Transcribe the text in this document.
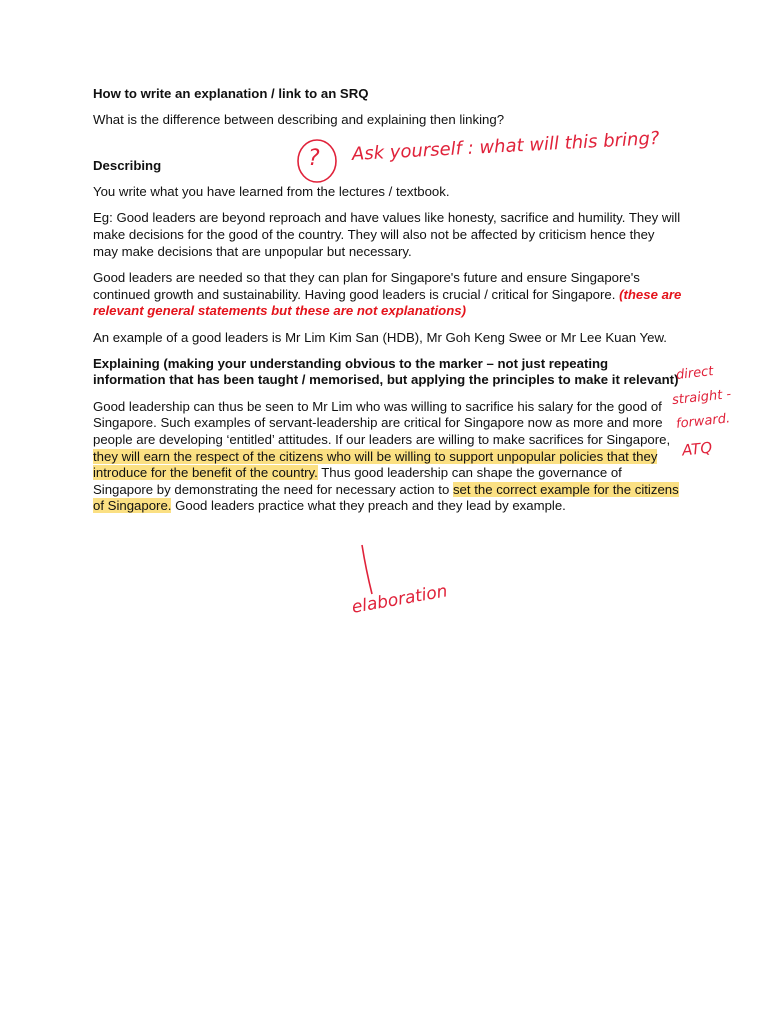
How to write an explanation / link to an SRQ

What is the difference between describing and explaining then linking?

Describing

You write what you have learned from the lectures / textbook.

Eg: Good leaders are beyond reproach and have values like honesty, sacrifice and humility. They will make decisions for the good of the country. They will also not be affected by criticism hence they may make decisions that are unpopular but necessary.

Good leaders are needed so that they can plan for Singapore's future and ensure Singapore's continued growth and sustainability. Having good leaders is crucial / critical for Singapore. (these are relevant general statements but these are not explanations)

An example of a good leaders is Mr Lim Kim San (HDB), Mr Goh Keng Swee or Mr Lee Kuan Yew.

Explaining (making your understanding obvious to the marker – not just repeating information that has been taught / memorised, but applying the principles to make it relevant)

Good leadership can thus be seen to Mr Lim who was willing to sacrifice his salary for the good of Singapore. Such examples of servant-leadership are critical for Singapore now as more and more people are developing ‘entitled’ attitudes. If our leaders are willing to make sacrifices for Singapore, they will earn the respect of the citizens who will be willing to support unpopular policies that they introduce for the benefit of the country. Thus good leadership can shape the governance of Singapore by demonstrating the need for necessary action to set the correct example for the citizens of Singapore. Good leaders practice what they preach and they lead by example.

? Ask yourself : what will this bring?
direct
straight -
forward.
ATQ
elaboration
